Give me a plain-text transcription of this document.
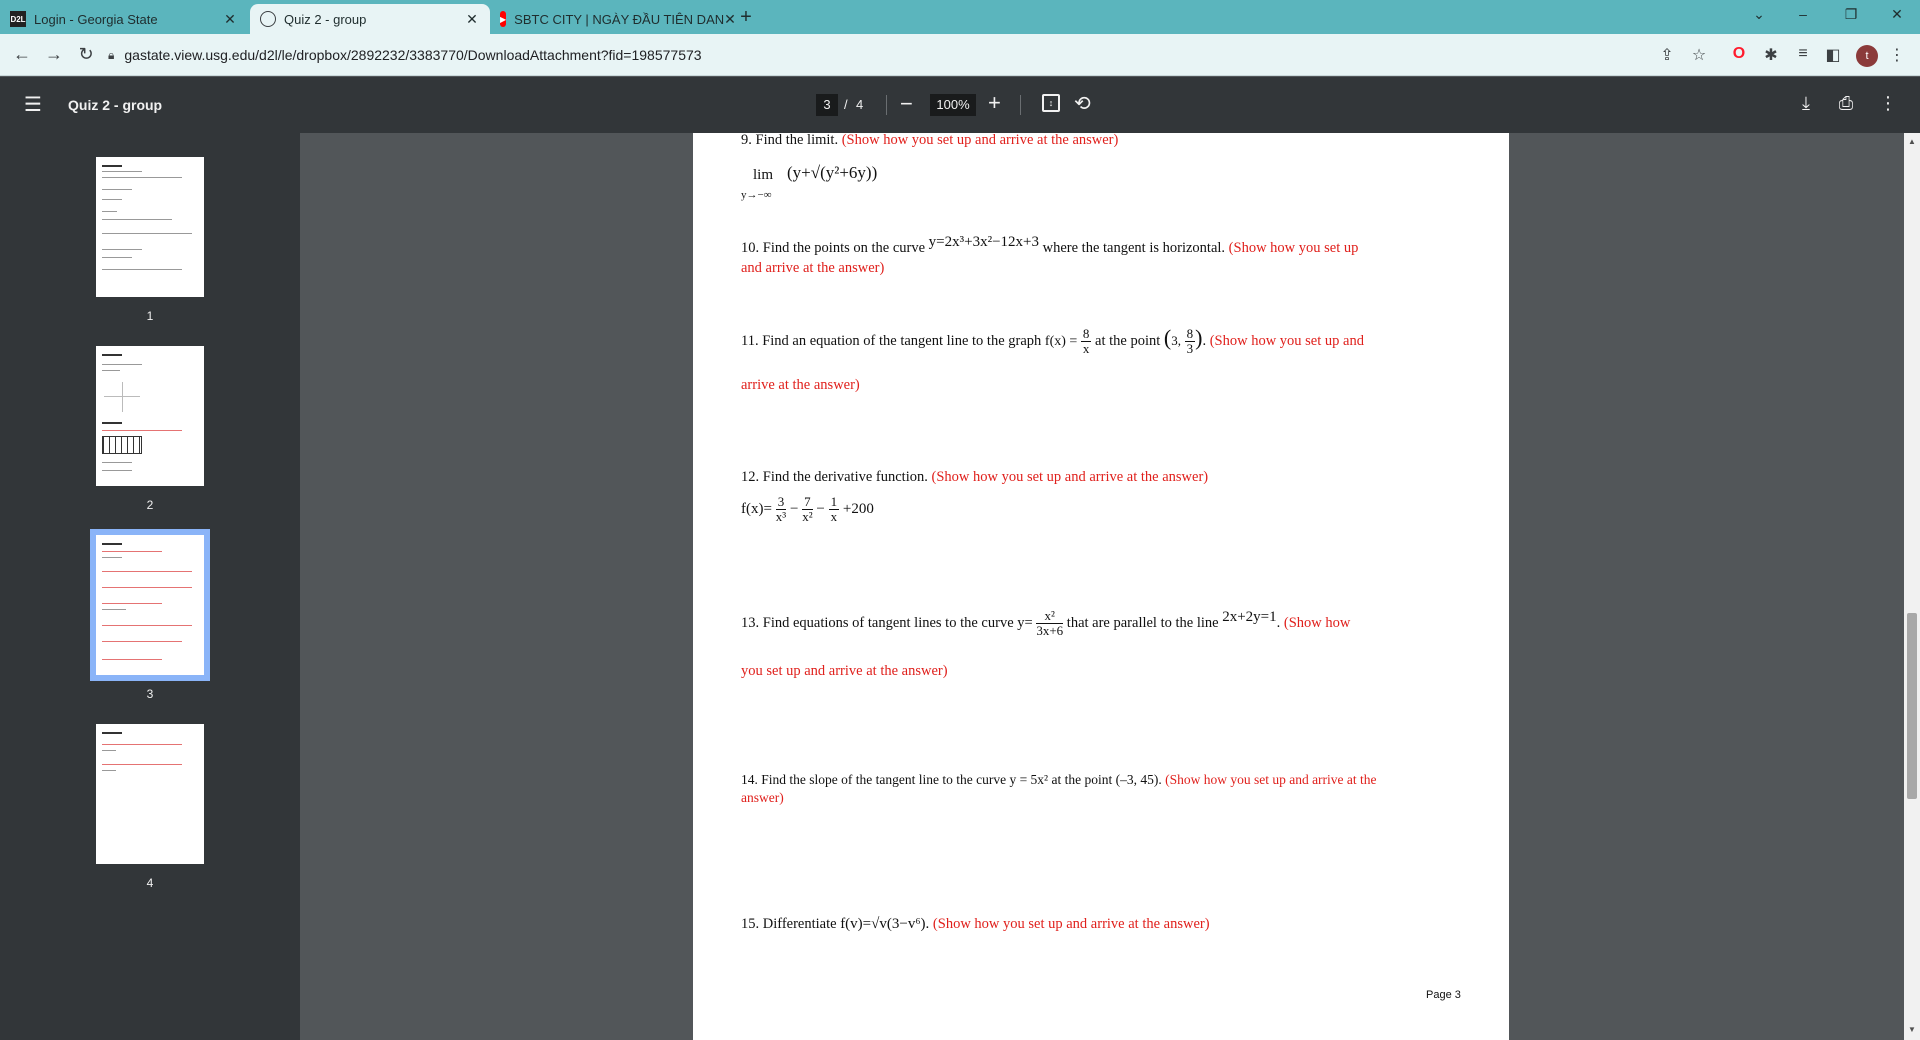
D2L Login - Georgia State	✕	Quiz 2 - group	✕	▶ SBTC CITY | NGÀY ĐẦU TIÊN DAN ✕ +	⌄	–	❐	✕
← → ↻	🔒︎ gastate.view.usg.edu/d2l/le/dropbox/2892232/3383770/DownloadAttachment?fid=198577573	⇪ ☆ O ✱	≡	◧	t	⋮
☰ Quiz 2 - group	3	/ 4 −	100% +	↕	⟲	⤓	⎙ ⋮
1
2
3
4
9. Find the limit. (Show how you set up and arrive at the answer)
lim
y→−∞
(y+√(y²+6y))
10. Find the points on the curve y=2x³+3x²−12x+3 where the tangent is horizontal. (Show how you set up
and arrive at the answer)
11. Find an equation of the tangent line to the graph $f(x) = \frac{8}{x}$ at the point (3, $\frac{8}{3}$ ). (Show how you set up and
arrive at the answer)
12. Find the derivative function. (Show how you set up and arrive at the answer)
$f(x)= \frac{3}{\text{x³}} - \frac{7}{\text{x²}} - \frac{1}{x} +200$
13. Find equations of tangent lines to the curve $y= \frac{\text{x²}}{3x+6}$ that are parallel to the line 2x+2y=1. (Show how
you set up and arrive at the answer)
14. Find the slope of the tangent line to the curve y = 5x² at the point (–3, 45). (Show how you set up and arrive at the
answer)
15. Differentiate f(v)=√v(3−v⁶). (Show how you set up and arrive at the answer)
Page 3
▲
▼
